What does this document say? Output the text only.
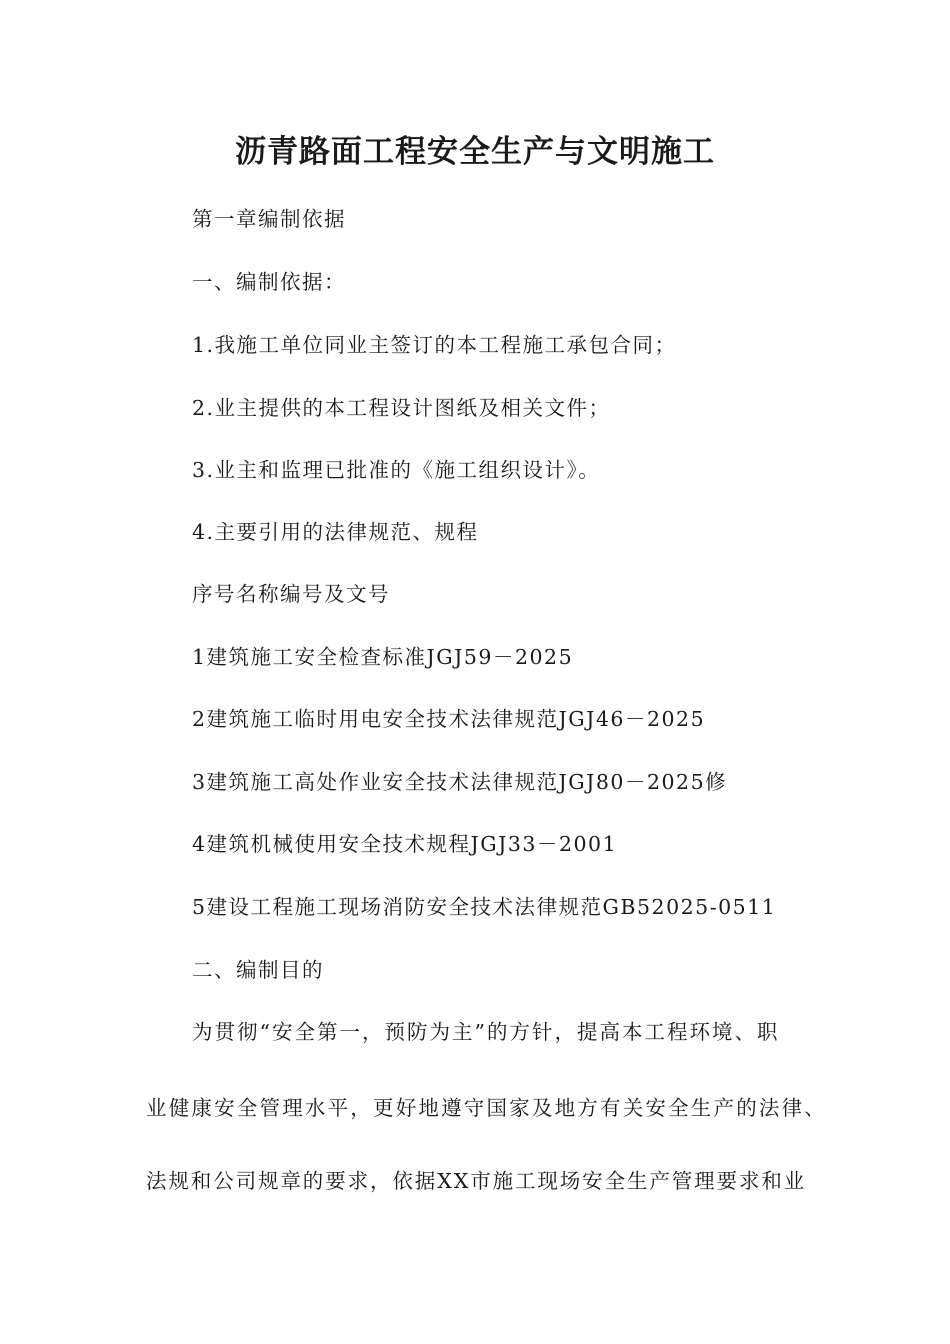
沥青路面工程安全生产与文明施工
第一章编制依据
一、编制依据：
1.我施工单位同业主签订的本工程施工承包合同；
2.业主提供的本工程设计图纸及相关文件；
3.业主和监理已批准的《施工组织设计》。
4.主要引用的法律规范、规程
序号名称编号及文号
1建筑施工安全检查标准JGJ59－2025
2建筑施工临时用电安全技术法律规范JGJ46－2025
3建筑施工高处作业安全技术法律规范JGJ80－2025修
4建筑机械使用安全技术规程JGJ33－2001
5建设工程施工现场消防安全技术法律规范GB52025-0511
二、编制目的
为贯彻“安全第一，预防为主”的方针，提高本工程环境、职
业健康安全管理水平，更好地遵守国家及地方有关安全生产的法律、
法规和公司规章的要求，依据XX市施工现场安全生产管理要求和业
